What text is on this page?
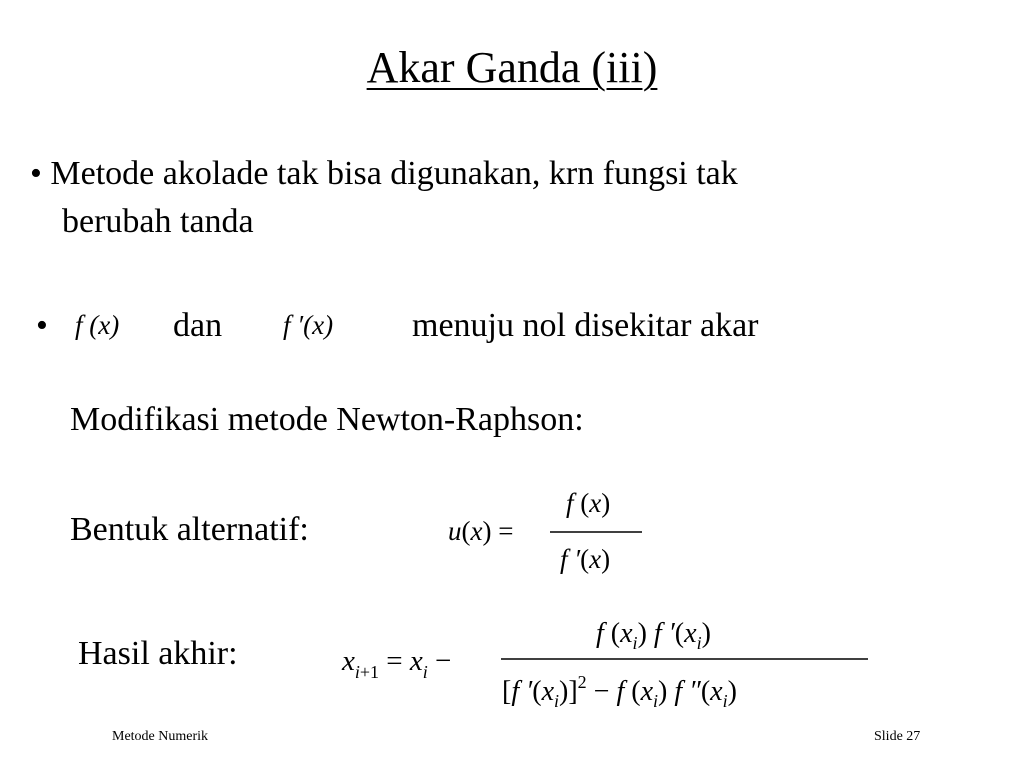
Akar Ganda (iii)
• Metode akolade tak bisa digunakan, krn fungsi tak
berubah tanda
• f (x) dan f ′(x) menuju nol disekitar akar
Modifikasi metode Newton-Raphson:
Bentuk alternatif:	u(x) =
f (x)
f ′(x)
Hasil akhir:	$x_{i+1} = x_i$ −
f $(x_i)$ f $'(x_i)$
[f $'(x_i)]^2 - f$ $(x_i)$ f $''(x_i)$
Metode Numerik	Slide 27
